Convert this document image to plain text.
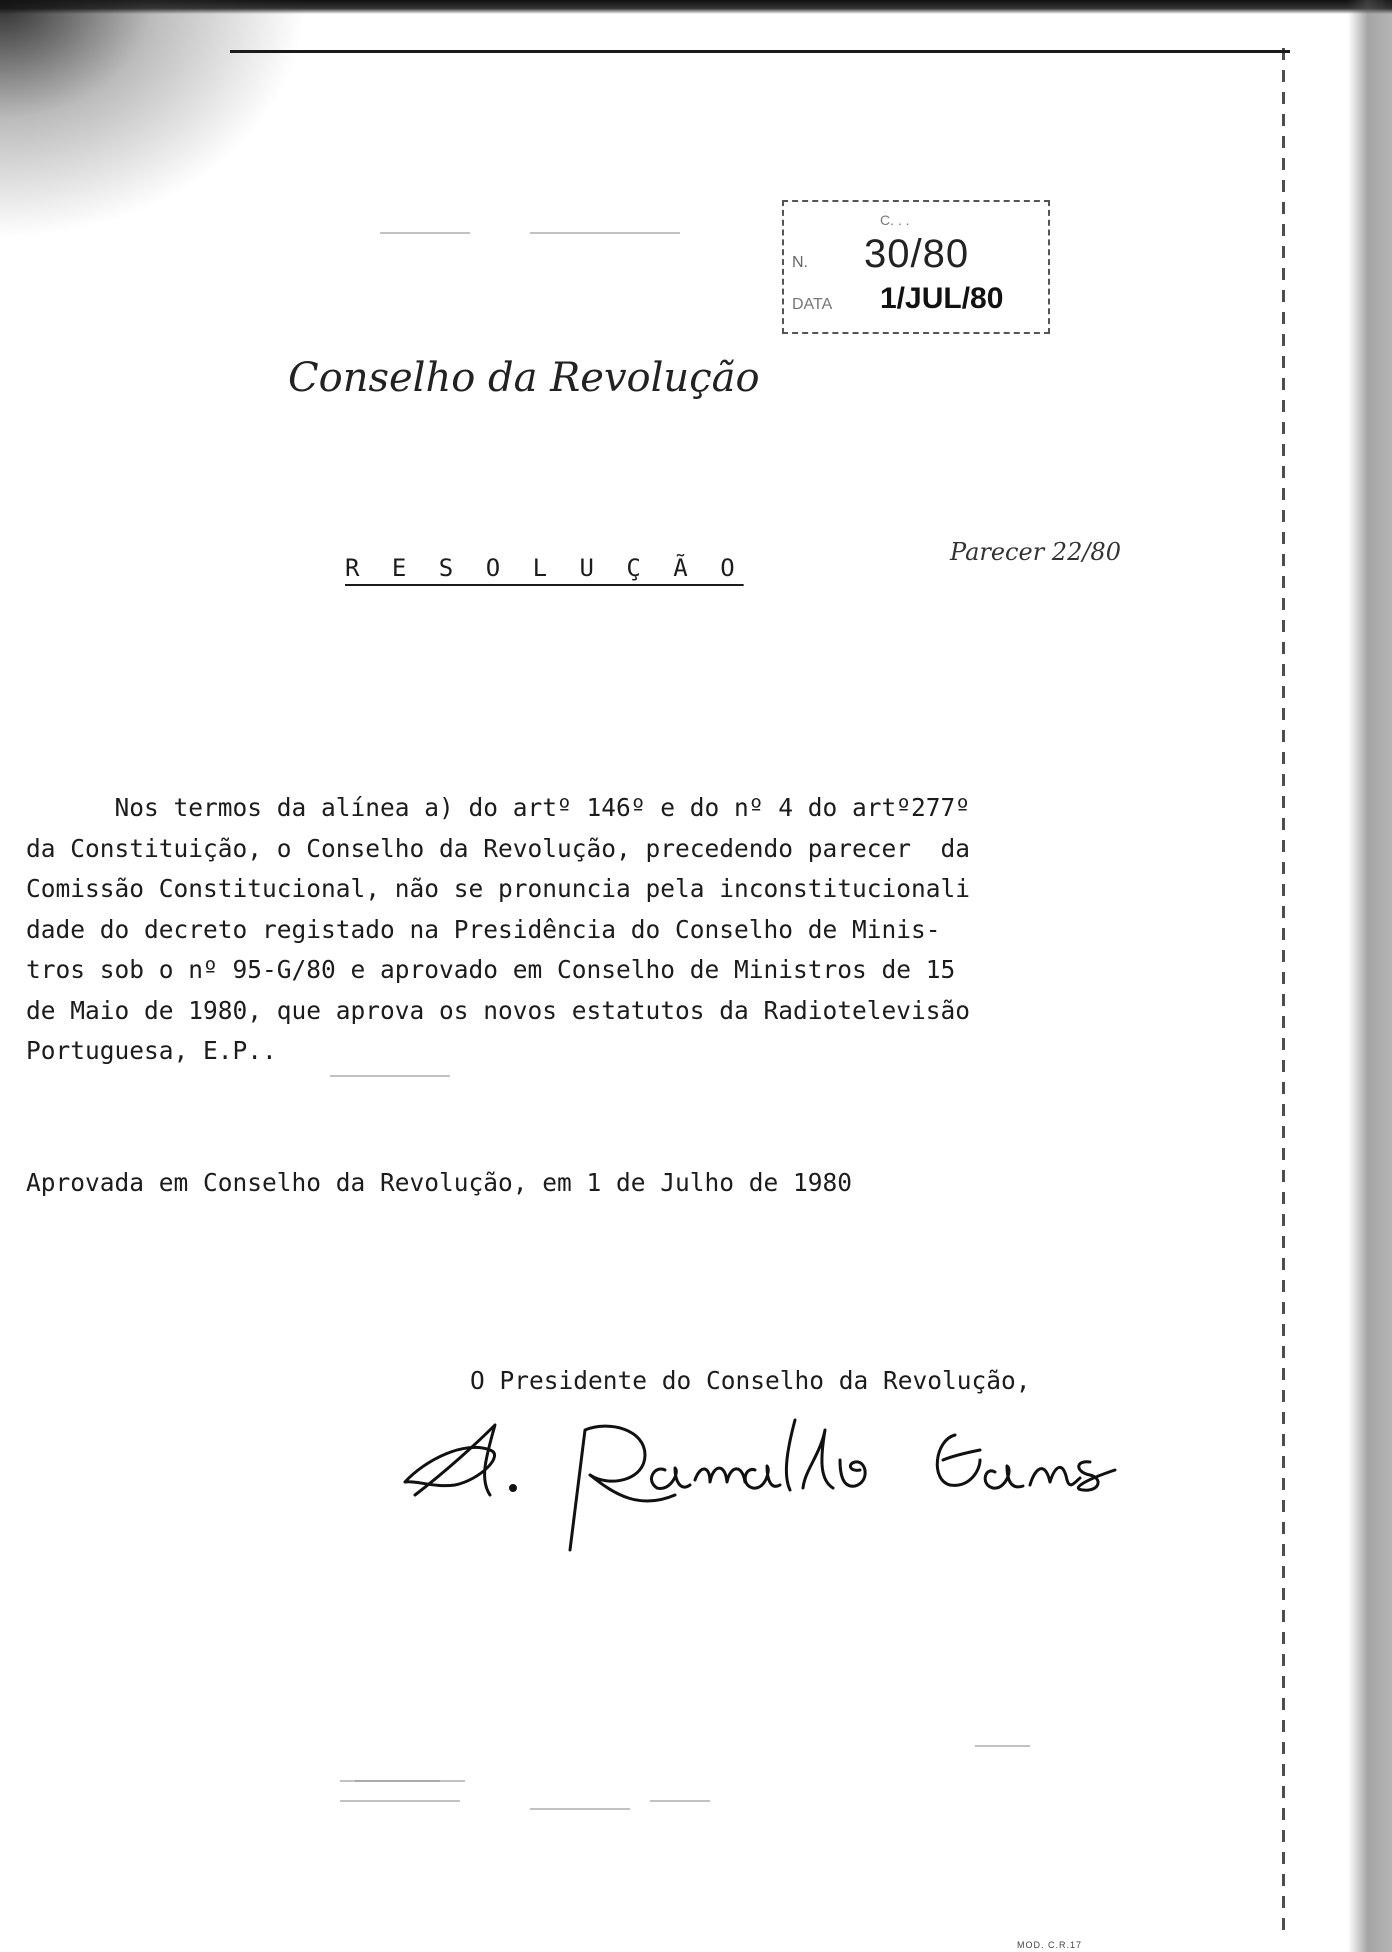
C. . .
N. 30/80
DATA 1/JUL/80
Conselho da Revolução
R E S O L U Ç Ã O
Parecer 22/80
Nos termos da alínea a) do artº 146º e do nº 4 do artº277º
da Constituição, o Conselho da Revolução, precedendo parecer  da
Comissão Constitucional, não se pronuncia pela inconstitucionali
dade do decreto registado na Presidência do Conselho de Minis-
tros sob o nº 95-G/80 e aprovado em Conselho de Ministros de 15
de Maio de 1980, que aprova os novos estatutos da Radiotelevisão
Portuguesa, E.P..
Aprovada em Conselho da Revolução, em 1 de Julho de 1980
O Presidente do Conselho da Revolução,
MOD. C.R.17
